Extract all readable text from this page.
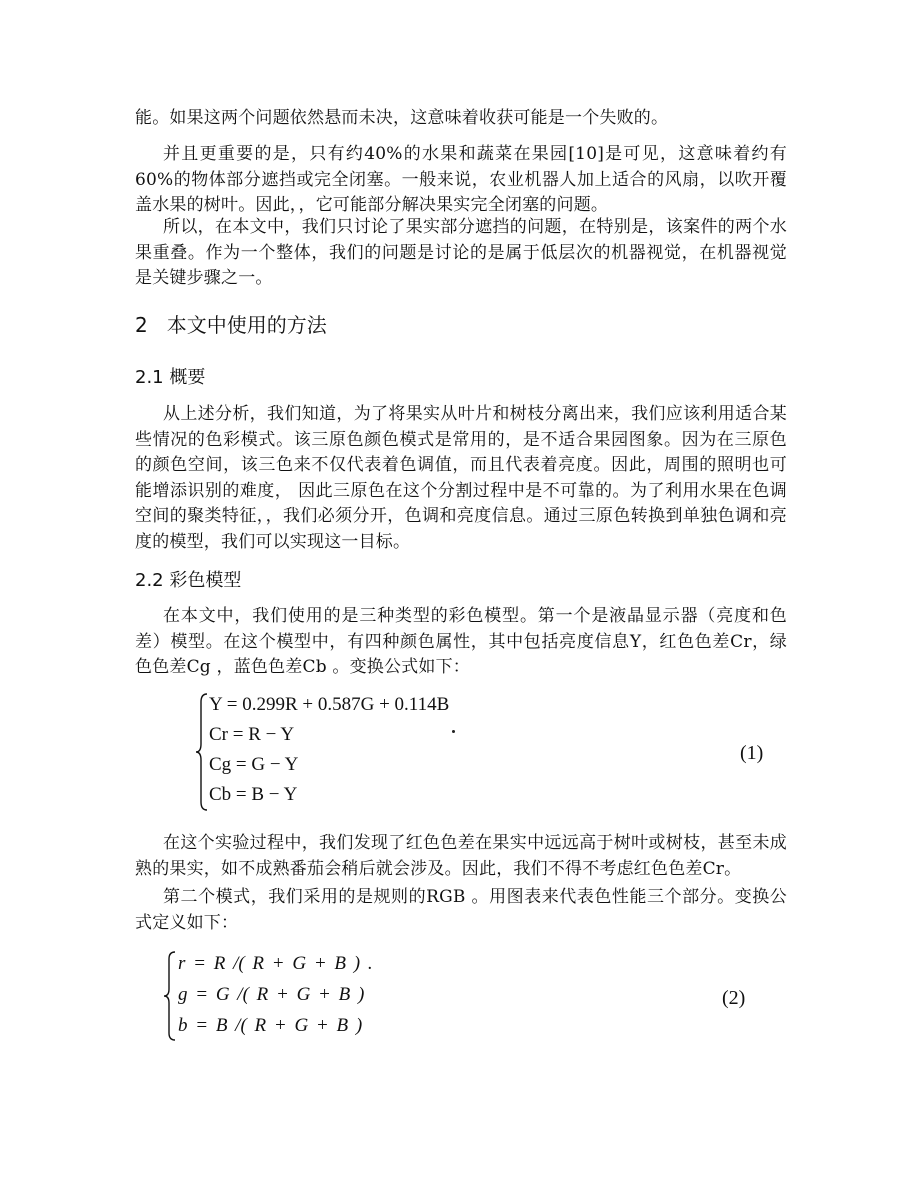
能。如果这两个问题依然悬而未决，这意味着收获可能是一个失败的。

并且更重要的是，只有约40%的水果和蔬菜在果园[10]是可见，这意味着约有60%的物体部分遮挡或完全闭塞。一般来说，农业机器人加上适合的风扇，以吹开覆盖水果的树叶。因此，，它可能部分解决果实完全闭塞的问题。

所以，在本文中，我们只讨论了果实部分遮挡的问题，在特别是，该案件的两个水果重叠。作为一个整体，我们的问题是讨论的是属于低层次的机器视觉，在机器视觉是关键步骤之一。

2   本文中使用的方法
2.1 概要

从上述分析，我们知道，为了将果实从叶片和树枝分离出来，我们应该利用适合某些情况的色彩模式。该三原色颜色模式是常用的，是不适合果园图象。因为在三原色的颜色空间，该三色来不仅代表着色调值，而且代表着亮度。因此，周围的照明也可能增添识别的难度， 因此三原色在这个分割过程中是不可靠的。为了利用水果在色调空间的聚类特征，，我们必须分开，色调和亮度信息。通过三原色转换到单独色调和亮度的模型，我们可以实现这一目标。

2.2 彩色模型

在本文中，我们使用的是三种类型的彩色模型。第一个是液晶显示器（亮度和色差）模型。在这个模型中，有四种颜色属性，其中包括亮度信息Y，红色色差Cr，绿色色差Cg ，蓝色色差Cb 。变换公式如下：

Y = 0.299R + 0.587G + 0.114B
Cr = R − Y
Cg = G − Y
Cb = B − Y
(1)

在这个实验过程中，我们发现了红色色差在果实中远远高于树叶或树枝，甚至未成熟的果实，如不成熟番茄会稍后就会涉及。因此，我们不得不考虑红色色差Cr。

第二个模式，我们采用的是规则的RGB 。用图表来代表色性能三个部分。变换公式定义如下：

r = R /( R + G + B ) .
g = G /( R + G + B )
b = B /( R + G + B )
(2)
